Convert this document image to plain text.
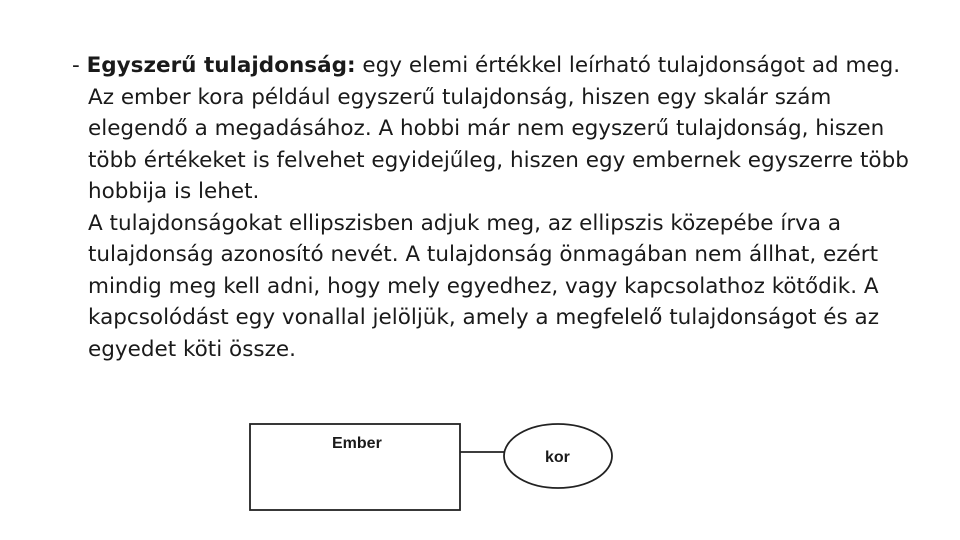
- Egyszerű tulajdonság: egy elemi értékkel leírható tulajdonságot ad meg. Az ember kora például egyszerű tulajdonság, hiszen egy skalár szám elegendő a megadásához. A hobbi már nem egyszerű tulajdonság, hiszen több értékeket is felvehet egyidejűleg, hiszen egy embernek egyszerre több hobbija is lehet.

A tulajdonságokat ellipszisben adjuk meg, az ellipszis közepébe írva a tulajdonság azonosító nevét. A tulajdonság önmagában nem állhat, ezért mindig meg kell adni, hogy mely egyedhez, vagy kapcsolathoz kötődik. A kapcsolódást egy vonallal jelöljük, amely a megfelelő tulajdonságot és az egyedet köti össze.

Ember
kor
